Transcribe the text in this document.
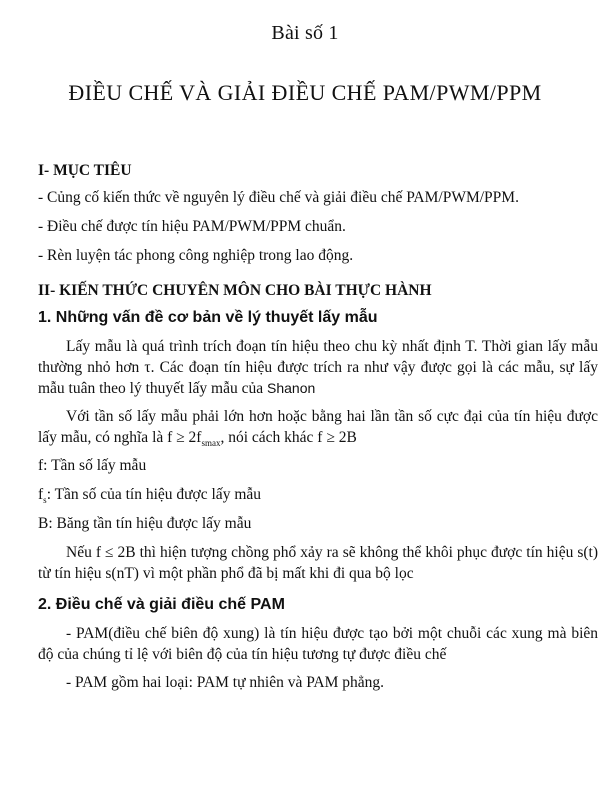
Bài số 1
ĐIỀU CHẾ VÀ GIẢI ĐIỀU CHẾ PAM/PWM/PPM
I- MỤC TIÊU
- Củng cố kiến thức về nguyên lý điều chế và giải điều chế PAM/PWM/PPM.
- Điều chế được tín hiệu PAM/PWM/PPM chuẩn.
- Rèn luyện tác phong công nghiệp trong lao động.
II- KIẾN THỨC CHUYÊN MÔN CHO BÀI THỰC HÀNH
1. Những vấn đề cơ bản về lý thuyết lấy mẫu
Lấy mẫu là quá trình trích đoạn tín hiệu theo chu kỳ nhất định T. Thời gian lấy mẫu thường nhỏ hơn τ. Các đoạn tín hiệu được trích ra như vậy được gọi là các mẫu, sự lấy mẫu tuân theo lý thuyết lấy mẫu của Shanon
Với tần số lấy mẫu phải lớn hơn hoặc bằng hai lần tần số cực đại của tín hiệu được lấy mẫu, có nghĩa là $f \ge 2f_{smax}$, nói cách khác f ≥ 2B
f: Tần số lấy mẫu
$f_s$: Tần số của tín hiệu được lấy mẫu
B: Băng tần tín hiệu được lấy mẫu
Nếu f ≤ 2B thì hiện tượng chồng phổ xảy ra sẽ không thể khôi phục được tín hiệu s(t) từ tín hiệu s(nT) vì một phần phổ đã bị mất khi đi qua bộ lọc
2. Điều chế và giải điều chế PAM
- PAM(điều chế biên độ xung) là tín hiệu được tạo bởi một chuỗi các xung mà biên độ của chúng tỉ lệ với biên độ của tín hiệu tương tự được điều chế
- PAM gồm hai loại: PAM tự nhiên và PAM phẳng.
